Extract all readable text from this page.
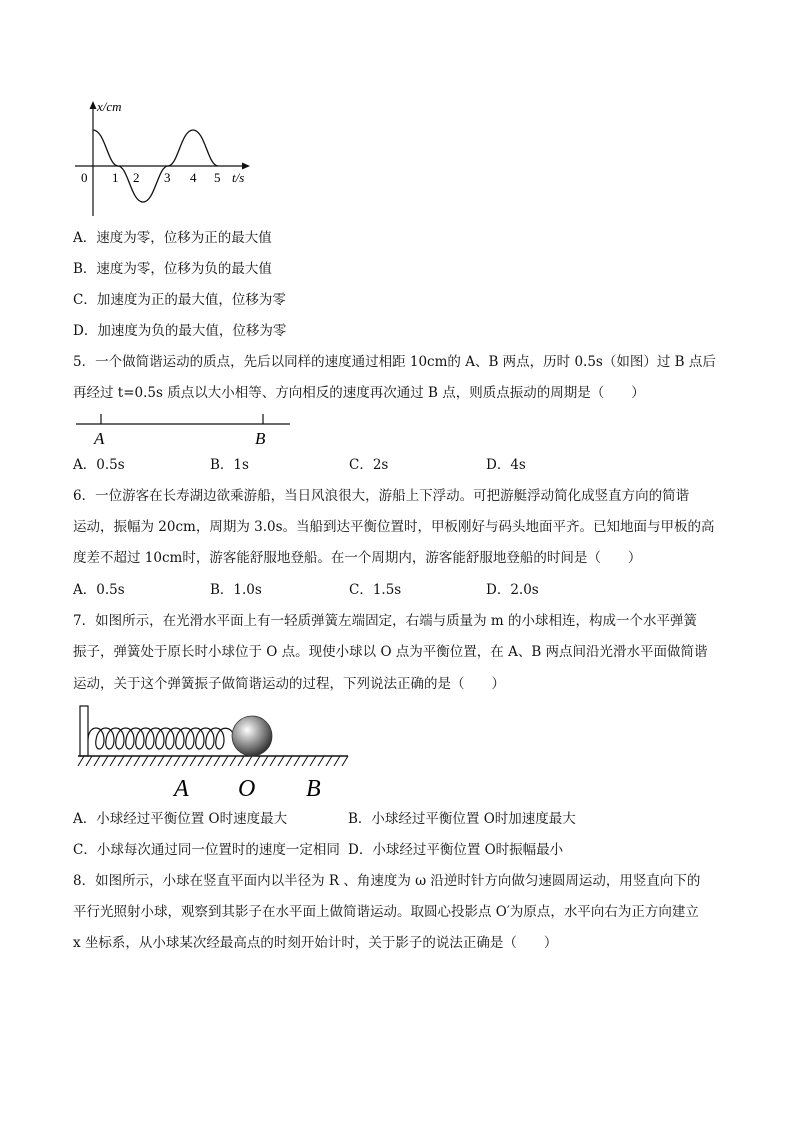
x/cm
t/s
0 1 2 3 4 5
A．速度为零，位移为正的最大值
B．速度为零，位移为负的最大值
C．加速度为正的最大值，位移为零
D．加速度为负的最大值，位移为零
5．一个做简谐运动的质点，先后以同样的速度通过相距 10cm的 A、B 两点，历时 0.5s（如图）过 B 点后
再经过 t=0.5s 质点以大小相等、方向相反的速度再次通过 B 点，则质点振动的周期是（　　）
A	B
A．0.5s	B．1s	C．2s	D．4s
6．一位游客在长寿湖边欲乘游船，当日风浪很大，游船上下浮动。可把游艇浮动简化成竖直方向的简谐
运动，振幅为 20cm，周期为 3.0s。当船到达平衡位置时，甲板刚好与码头地面平齐。已知地面与甲板的高
度差不超过 10cm时，游客能舒服地登船。在一个周期内，游客能舒服地登船的时间是（　　）
A．0.5s	B．1.0s	C．1.5s	D．2.0s
7．如图所示，在光滑水平面上有一轻质弹簧左端固定，右端与质量为 m 的小球相连，构成一个水平弹簧
振子，弹簧处于原长时小球位于 O 点。现使小球以 O 点为平衡位置，在 A、B 两点间沿光滑水平面做简谐
运动，关于这个弹簧振子做简谐运动的过程，下列说法正确的是（　　）
A O B
A．小球经过平衡位置 O时速度最大	B．小球经过平衡位置 O时加速度最大
C．小球每次通过同一位置时的速度一定相同 D．小球经过平衡位置 O时振幅最小
8．如图所示，小球在竖直平面内以半径为 R 、角速度为 ω 沿逆时针方向做匀速圆周运动，用竖直向下的
平行光照射小球，观察到其影子在水平面上做简谐运动。取圆心投影点 O′为原点，水平向右为正方向建立
x 坐标系，从小球某次经最高点的时刻开始计时，关于影子的说法正确是（　　）
